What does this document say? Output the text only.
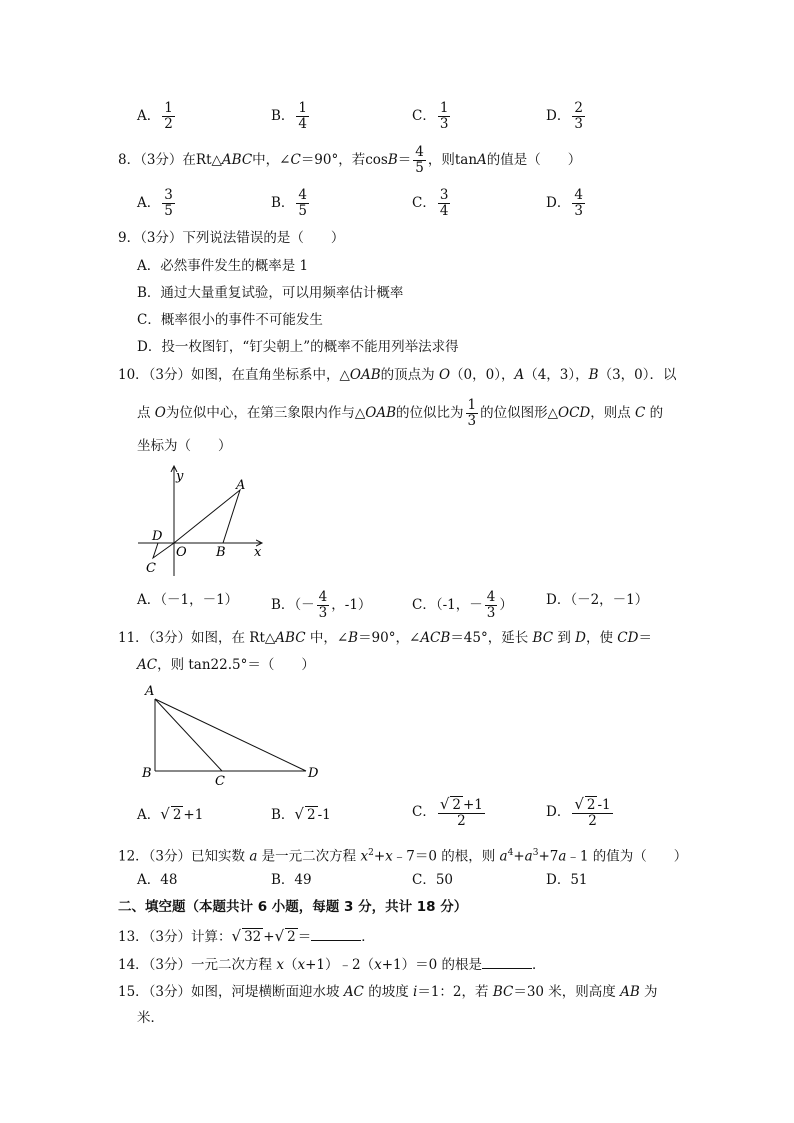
A． $\frac{1}{2}$	B． $\frac{1}{4}$	C． $\frac{1}{3}$	D． $\frac{2}{3}$
8．（3分）在Rt△ABC中，∠C＝90°，若$\cos B= \frac{4}{5}$ ，则tanA的值是（　　）
A． $\frac{3}{5}$	B． $\frac{4}{5}$	C． $\frac{3}{4}$	D． $\frac{4}{3}$
9．（3分）下列说法错误的是（　　）
A．必然事件发生的概率是 1
B．通过大量重复试验，可以用频率估计概率
C．概率很小的事件不可能发生
D．投一枚图钉，“钉尖朝上”的概率不能用列举法求得
10．（3分）如图，在直角坐标系中，△OAB的顶点为 O（0，0），A（4，3），B（3，0）．以
点 O为位似中心，在第三象限内作与△OAB的位似比为 $\frac{1}{3}$ 的位似图形△OCD，则点 C 的
坐标为（　　）
y
x
A
B
O
C
D
A．（－1，－1） B．（－ $\frac{4}{3}$ ，-1）	C．（-1，－ $\frac{4}{3}$ ） D．（－2，－1）
11．（3分）如图，在 Rt△ABC 中，∠B＝90°，∠ACB＝45°，延长 BC 到 D，使 CD＝
AC，则 tan22.5°＝（　　）
A
B
C
D
A．√ 2 +1	B．√ 2 -1	C． $\frac{√ 2 +1}{2}$	D． $\frac{√ 2 -1}{2}$
12．（3分）已知实数 a 是一元二次方程 $x^2+x﹣7=0$ 的根，则 $a^4+a^3+7a﹣1$ 的值为（　　）
A．48	B．49	C．50	D．51
二、填空题（本题共计 6 小题，每题 3 分，共计 18 分）
13．（3分）计算：√ 32 +√ 2 ＝	．
14．（3分）一元二次方程 x（x+1）﹣2（x+1）＝0 的根是	．
15．（3分）如图，河堤横断面迎水坡 AC 的坡度 i＝1：2，若 BC＝30 米，则高度 AB 为
米．
